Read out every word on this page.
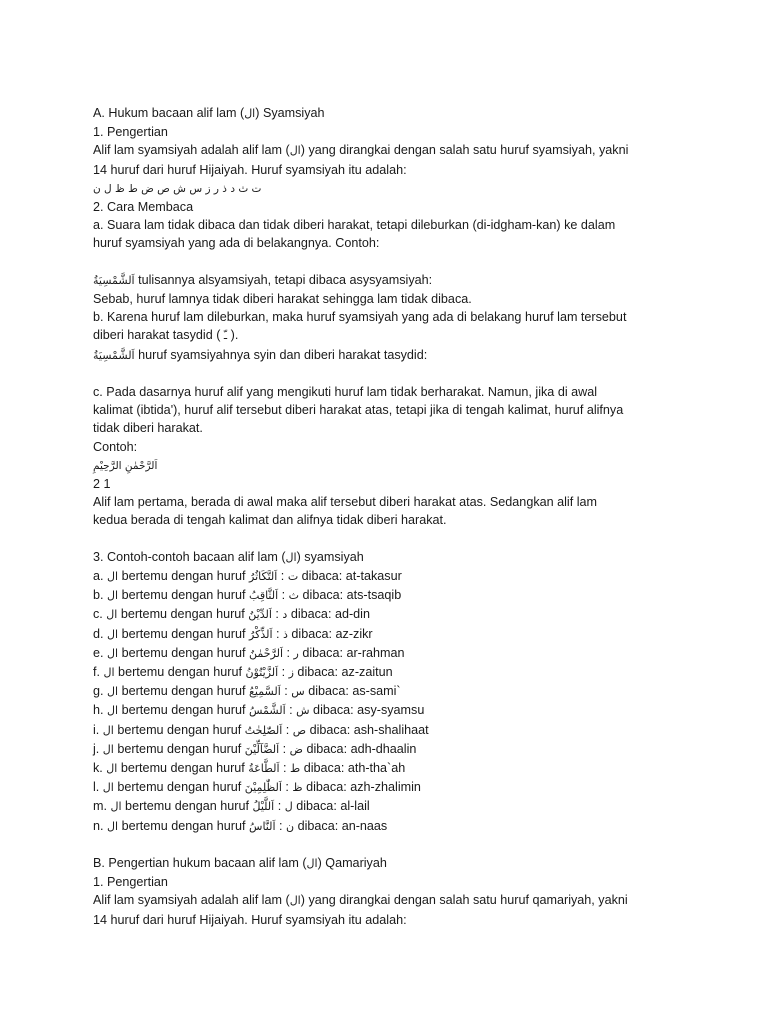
A. Hukum bacaan alif lam (ال) Syamsiyah
1. Pengertian
Alif lam syamsiyah adalah alif lam (ال) yang dirangkai dengan salah satu huruf syamsiyah, yakni
14 huruf dari huruf Hijaiyah. Huruf syamsiyah itu adalah:
ت ث د ذ ر ز س ش ص ض ط ظ ل ن
2. Cara Membaca
a. Suara lam tidak dibaca dan tidak diberi harakat, tetapi dileburkan (di-idgham-kan) ke dalam
huruf syamsiyah yang ada di belakangnya. Contoh:
اَلشَّمْسِيَةُ tulisannya alsyamsiyah, tetapi dibaca asysyamsiyah:
Sebab, huruf lamnya tidak diberi harakat sehingga lam tidak dibaca.
b. Karena huruf lam dileburkan, maka huruf syamsiyah yang ada di belakang huruf lam tersebut
diberi harakat tasydid ( ـّ ).
اَلشَّمْسِيَةُ huruf syamsiyahnya syin dan diberi harakat tasydid:
c. Pada dasarnya huruf alif yang mengikuti huruf lam tidak berharakat. Namun, jika di awal
kalimat (ibtida'), huruf alif tersebut diberi harakat atas, tetapi jika di tengah kalimat, huruf alifnya
tidak diberi harakat.
Contoh:
اَلرَّحْمٰنِ الرَّحِيْمِ
2 1
Alif lam pertama, berada di awal maka alif tersebut diberi harakat atas. Sedangkan alif lam
kedua berada di tengah kalimat dan alifnya tidak diberi harakat.
3. Contoh-contoh bacaan alif lam (ال) syamsiyah
a. ال bertemu dengan huruf اَلتَّكَاثُرُ : ت dibaca: at-takasur
b. ال bertemu dengan huruf اَلثَّاقِبُ : ث dibaca: ats-tsaqib
c. ال bertemu dengan huruf اَلدِّيْنُ : د dibaca: ad-din
d. ال bertemu dengan huruf اَلذِّكْرُ : ذ dibaca: az-zikr
e. ال bertemu dengan huruf اَلرَّحْمٰنُ : ر dibaca: ar-rahman
f. ال bertemu dengan huruf اَلزَّيْتُوْنُ : ز dibaca: az-zaitun
g. ال bertemu dengan huruf اَلسَّمِيْعُ : س dibaca: as-sami`
h. ال bertemu dengan huruf اَلشَّمْسُ : ش dibaca: asy-syamsu
i. ال bertemu dengan huruf اَلصّٰلِحٰتُ : ص dibaca: ash-shalihaat
j. ال bertemu dengan huruf اَلضَّآلِّيْنَ : ض dibaca: adh-dhaalin
k. ال bertemu dengan huruf اَلطَّاعَةُ : ط dibaca: ath-tha`ah
l. ال bertemu dengan huruf اَلظّٰلِمِيْنَ : ظ dibaca: azh-zhalimin
m. ال bertemu dengan huruf اَللَّيْلُ : ل dibaca: al-lail
n. ال bertemu dengan huruf اَلنَّاسُ : ن dibaca: an-naas
B. Pengertian hukum bacaan alif lam (ال) Qamariyah
1. Pengertian
Alif lam syamsiyah adalah alif lam (ال) yang dirangkai dengan salah satu huruf qamariyah, yakni
14 huruf dari huruf Hijaiyah. Huruf syamsiyah itu adalah:
